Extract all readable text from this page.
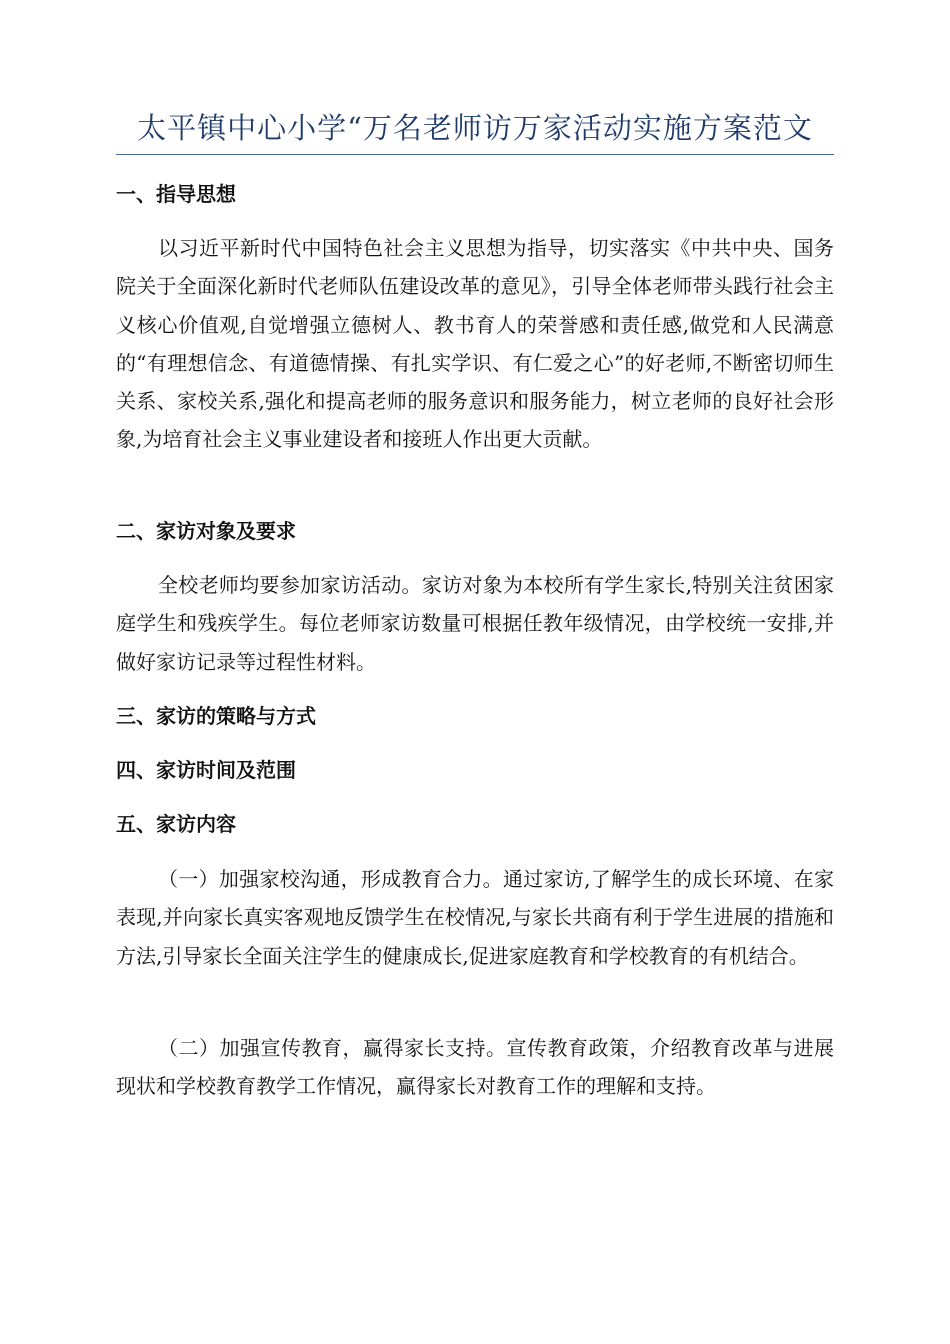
太平镇中心小学“万名老师访万家活动实施方案范文
一、指导思想
以习近平新时代中国特色社会主义思想为指导，切实落实《中共中央、国务院关于全面深化新时代老师队伍建设改革的意见》，引导全体老师带头践行社会主义核心价值观,自觉增强立德树人、教书育人的荣誉感和责任感,做党和人民满意的“有理想信念、有道德情操、有扎实学识、有仁爱之心”的好老师,不断密切师生关系、家校关系,强化和提高老师的服务意识和服务能力，树立老师的良好社会形象,为培育社会主义事业建设者和接班人作出更大贡献。
二、家访对象及要求
全校老师均要参加家访活动。家访对象为本校所有学生家长,特别关注贫困家庭学生和残疾学生。每位老师家访数量可根据任教年级情况，由学校统一安排,并做好家访记录等过程性材料。
三、家访的策略与方式
四、家访时间及范围
五、家访内容
（一）加强家校沟通，形成教育合力。通过家访,了解学生的成长环境、在家表现,并向家长真实客观地反馈学生在校情况,与家长共商有利于学生进展的措施和方法,引导家长全面关注学生的健康成长,促进家庭教育和学校教育的有机结合。
（二）加强宣传教育，赢得家长支持。宣传教育政策，介绍教育改革与进展现状和学校教育教学工作情况，赢得家长对教育工作的理解和支持。
